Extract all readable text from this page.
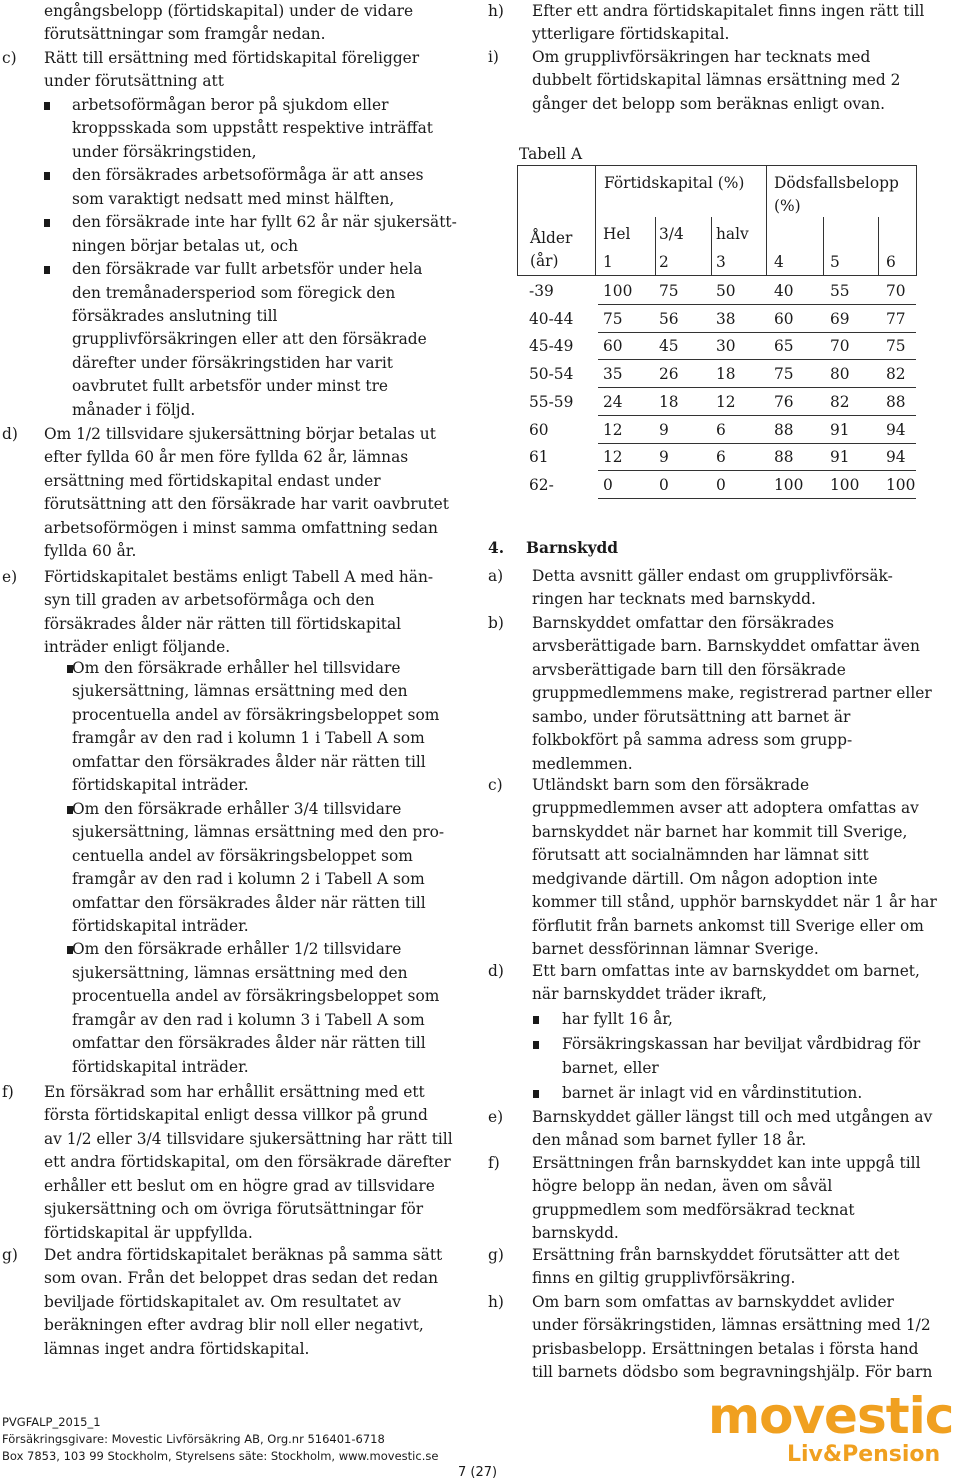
engångsbelopp (förtidskapital) under de vidare
förutsättningar som framgår nedan.
c) Rätt till ersättning med förtidskapital föreligger
under förutsättning att
arbetsoförmågan beror på sjukdom eller
kroppsskada som uppstått respektive inträffat
under försäkringstiden,
den försäkrades arbetsoförmåga är att anses
som varaktigt nedsatt med minst hälften,
den försäkrade inte har fyllt 62 år när sjukersätt-
ningen börjar betalas ut, och
den försäkrade var fullt arbetsför under hela
den tremånadersperiod som föregick den
försäkrades anslutning till
grupplivförsäkringen eller att den försäkrade
därefter under försäkringstiden har varit
oavbrutet fullt arbetsför under minst tre
månader i följd.
d) Om 1/2 tillsvidare sjukersättning börjar betalas ut
efter fyllda 60 år men före fyllda 62 år, lämnas
ersättning med förtidskapital endast under
förutsättning att den försäkrade har varit oavbrutet
arbetsoförmögen i minst samma omfattning sedan
fyllda 60 år.
e) Förtidskapitalet bestäms enligt Tabell A med hän-
syn till graden av arbetsoförmåga och den
försäkrades ålder när rätten till förtidskapital
inträder enligt följande.
Om den försäkrade erhåller hel tillsvidare
sjukersättning, lämnas ersättning med den
procentuella andel av försäkringsbeloppet som
framgår av den rad i kolumn 1 i Tabell A som
omfattar den försäkrades ålder när rätten till
förtidskapital inträder.
Om den försäkrade erhåller 3/4 tillsvidare
sjukersättning, lämnas ersättning med den pro-
centuella andel av försäkringsbeloppet som
framgår av den rad i kolumn 2 i Tabell A som
omfattar den försäkrades ålder när rätten till
förtidskapital inträder.
Om den försäkrade erhåller 1/2 tillsvidare
sjukersättning, lämnas ersättning med den
procentuella andel av försäkringsbeloppet som
framgår av den rad i kolumn 3 i Tabell A som
omfattar den försäkrades ålder när rätten till
förtidskapital inträder.
f) En försäkrad som har erhållit ersättning med ett
första förtidskapital enligt dessa villkor på grund
av 1/2 eller 3/4 tillsvidare sjukersättning har rätt till
ett andra förtidskapital, om den försäkrade därefter
erhåller ett beslut om en högre grad av tillsvidare
sjukersättning och om övriga förutsättningar för
förtidskapital är uppfyllda.
g) Det andra förtidskapitalet beräknas på samma sätt
som ovan. Från det beloppet dras sedan det redan
beviljade förtidskapitalet av. Om resultatet av
beräkningen efter avdrag blir noll eller negativt,
lämnas inget andra förtidskapital.
h) Efter ett andra förtidskapitalet finns ingen rätt till
ytterligare förtidskapital.
i) Om grupplivförsäkringen har tecknats med
dubbelt förtidskapital lämnas ersättning med 2
gånger det belopp som beräknas enligt ovan.
Tabell A
Förtidskapital (%) Dödsfallsbelopp
(%)
Ålder
(år)
Hel 3/4 halv
1	2	3	4	5	6
-39	100 75 50 40 55 70
40-44 75 56 38 60 69 77
45-49 60 45 30 65 70 75
50-54 35 26 18 75 80 82
55-59 24 18 12 76 82 88
60	12 9	6	88 91 94
61	12 9	6	88 91 94
62-	0	0	0	100 100 100
4. Barnskydd
a) Detta avsnitt gäller endast om grupplivförsäk-
ringen har tecknats med barnskydd.
b) Barnskyddet omfattar den försäkrades
arvsberättigade barn. Barnskyddet omfattar även
arvsberättigade barn till den försäkrade
gruppmedlemmens make, registrerad partner eller
sambo, under förutsättning att barnet är
folkbokfört på samma adress som grupp-
medlemmen.
c) Utländskt barn som den försäkrade
gruppmedlemmen avser att adoptera omfattas av
barnskyddet när barnet har kommit till Sverige,
förutsatt att socialnämnden har lämnat sitt
medgivande därtill. Om någon adoption inte
kommer till stånd, upphör barnskyddet när 1 år har
förflutit från barnets ankomst till Sverige eller om
barnet dessförinnan lämnar Sverige.
d) Ett barn omfattas inte av barnskyddet om barnet,
när barnskyddet träder ikraft,
e) Barnskyddet gäller längst till och med utgången av
den månad som barnet fyller 18 år.
f) Ersättningen från barnskyddet kan inte uppgå till
högre belopp än nedan, även om såväl
gruppmedlem som medförsäkrad tecknat
barnskydd.
g) Ersättning från barnskyddet förutsätter att det
finns en giltig grupplivförsäkring.
h) Om barn som omfattas av barnskyddet avlider
under försäkringstiden, lämnas ersättning med 1/2
prisbasbelopp. Ersättningen betalas i första hand
till barnets dödsbo som begravningshjälp. För barn
har fyllt 16 år,
Försäkringskassan har beviljat vårdbidrag för
barnet, eller
barnet är inlagt vid en vårdinstitution.
PVGFALP_2015_1
Försäkringsgivare: Movestic Livförsäkring AB, Org.nr 516401-6718
Box 7853, 103 99 Stockholm, Styrelsens säte: Stockholm, www.movestic.se
7 (27)
movestic
Liv&Pension
